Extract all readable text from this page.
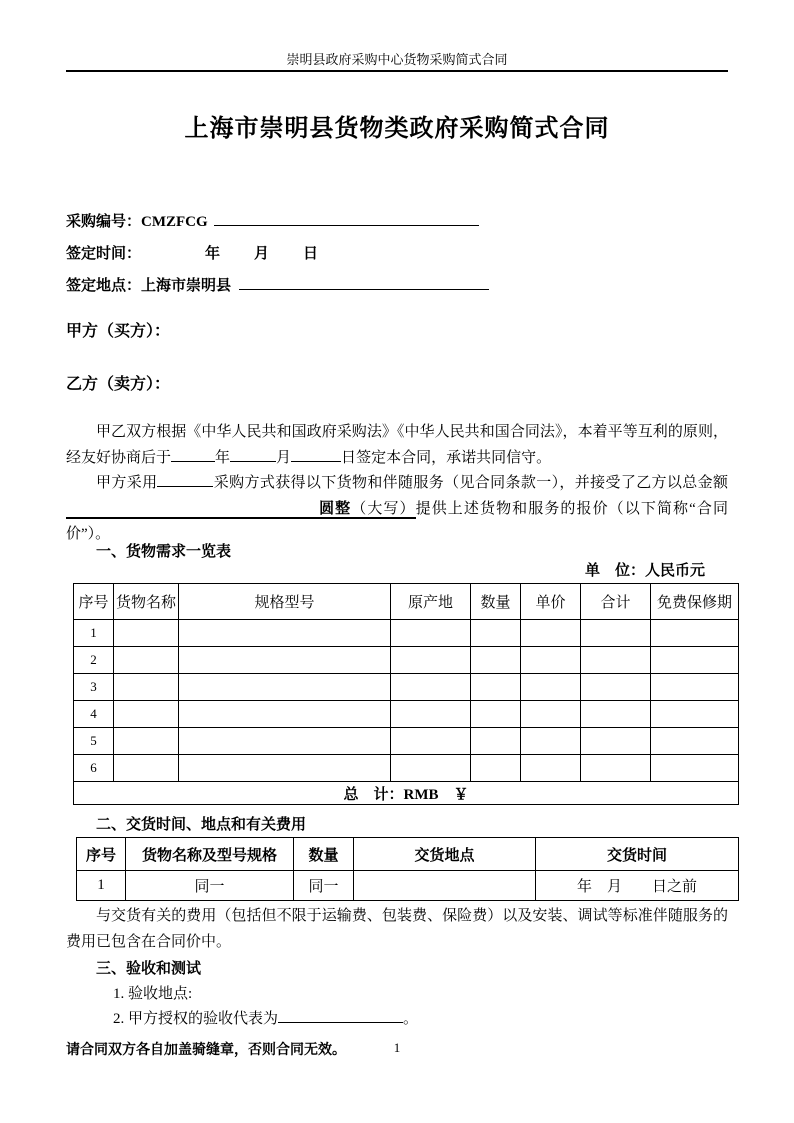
崇明县政府采购中心货物采购简式合同
上海市崇明县货物类政府采购简式合同
采购编号：CMZFCG
签定时间：	年 月 日
签定地点：上海市崇明县
甲方（买方）：
乙方（卖方）：

甲乙双方根据《中华人民共和国政府采购法》《中华人民共和国合同法》，本着平等互利的原则，经友好协商后于	年	月	日签定本合同，承诺共同信守。

甲方采用	采购方式获得以下货物和伴随服务（见合同条款一），并接受了乙方以总金额圆整（大写）提供上述货物和服务的报价（以下简称“合同价”）。

一、货物需求一览表
单　位：人民币元
序号	货物名称	规格型号	原产地	数量	单价	合计	免费保修期
1							
2							
3							
4							
5							
6							
总　计：RMB　￥							
二、交货时间、地点和有关费用
序号	货物名称及型号规格	数量	交货地点	交货时间
1	同一	同一		年　月　　日之前
与交货有关的费用（包括但不限于运输费、包装费、保险费）以及安装、调试等标准伴随服务的费用已包含在合同价中。
三、验收和测试
1. 验收地点:
2. 甲方授权的验收代表为	。
请合同双方各自加盖骑缝章，否则合同无效。	1
